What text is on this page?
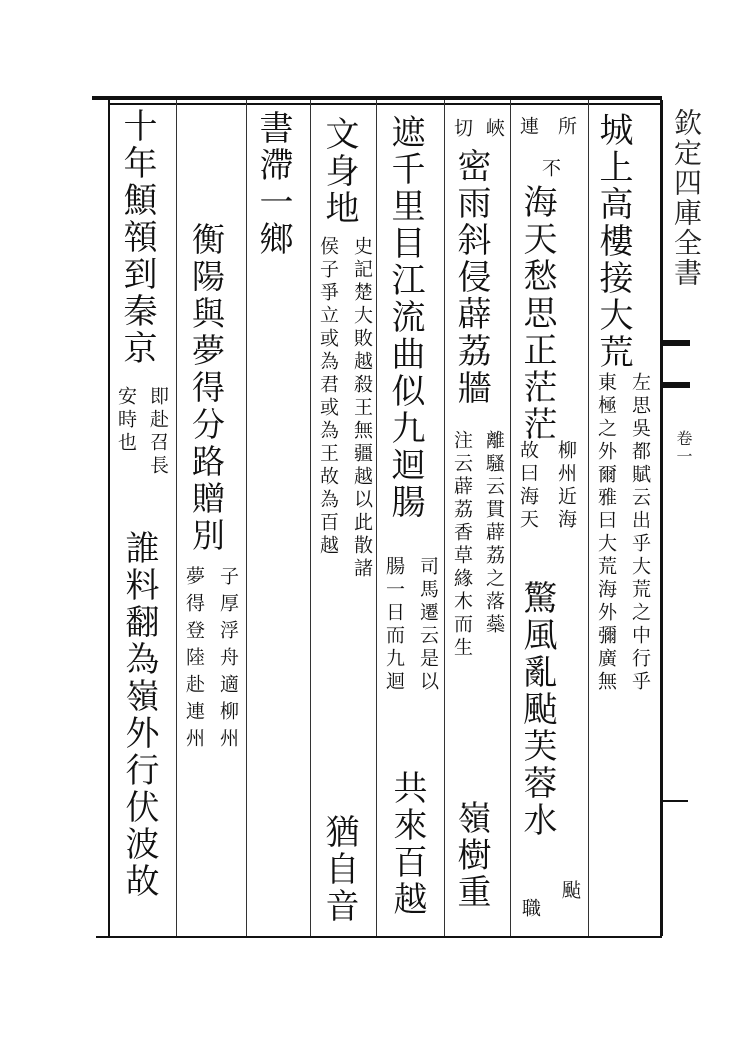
欽定四庫全書
卷一
城上高樓接大荒
左思吳都賦云出乎大荒之中行乎
東極之外爾雅曰大荒海外彌廣無
所
連
不
海天愁思正茫茫
柳州近海
故曰海天
驚風亂颭芙蓉水
颭
職
峽
切
密雨斜侵薜荔牆
離騷云貫薜荔之落蘂
注云薜荔香草緣木而生
嶺樹重
遮千里目江流曲似九迴腸
司馬遷云是以
腸一日而九迴
共來百越
文身地
史記楚大敗越殺王無疆越以此散諸
侯子爭立或為君或為王故為百越
猶自音
書滯一鄉
衡陽與夢得分路贈別
子厚浮舟適柳州
夢得登陸赴連州
十年顦顇到秦京
即赴召長
安時也
誰料翻為嶺外行伏波故
